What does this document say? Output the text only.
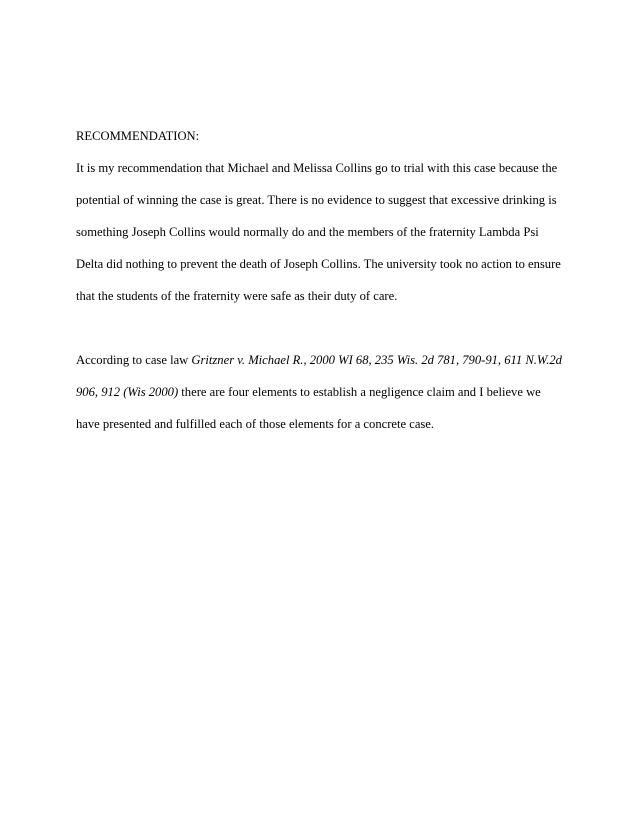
RECOMMENDATION:

It is my recommendation that Michael and Melissa Collins go to trial with this case because the
potential of winning the case is great. There is no evidence to suggest that excessive drinking is
something Joseph Collins would normally do and the members of the fraternity Lambda Psi
Delta did nothing to prevent the death of Joseph Collins. The university took no action to ensure
that the students of the fraternity were safe as their duty of care.

According to case law Gritzner v. Michael R., 2000 WI 68, 235 Wis. 2d 781, 790-91, 611 N.W.2d
906, 912 (Wis 2000) there are four elements to establish a negligence claim and I believe we
have presented and fulfilled each of those elements for a concrete case.
